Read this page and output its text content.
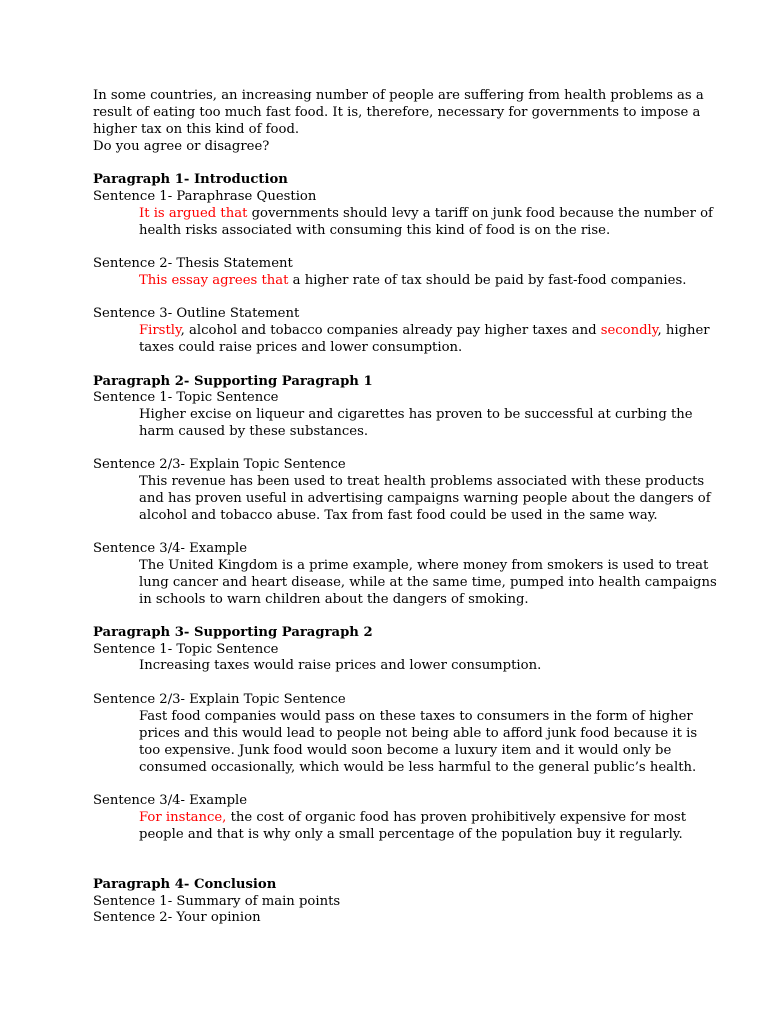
In some countries, an increasing number of people are suffering from health problems as a

result of eating too much fast food. It is, therefore, necessary for governments to impose a

higher tax on this kind of food.

Do you agree or disagree?

Paragraph 1- Introduction

Sentence 1- Paraphrase Question

It is argued that governments should levy a tariff on junk food because the number of

health risks associated with consuming this kind of food is on the rise.

Sentence 2- Thesis Statement

This essay agrees that a higher rate of tax should be paid by fast-food companies.

Sentence 3- Outline Statement

Firstly, alcohol and tobacco companies already pay higher taxes and secondly, higher

taxes could raise prices and lower consumption.

Paragraph 2- Supporting Paragraph 1

Sentence 1- Topic Sentence

Higher excise on liqueur and cigarettes has proven to be successful at curbing the

harm caused by these substances.

Sentence 2/3- Explain Topic Sentence

This revenue has been used to treat health problems associated with these products

and has proven useful in advertising campaigns warning people about the dangers of

alcohol and tobacco abuse. Tax from fast food could be used in the same way.

Sentence 3/4- Example

The United Kingdom is a prime example, where money from smokers is used to treat

lung cancer and heart disease, while at the same time, pumped into health campaigns

in schools to warn children about the dangers of smoking.

Paragraph 3- Supporting Paragraph 2

Sentence 1- Topic Sentence

Increasing taxes would raise prices and lower consumption.

Sentence 2/3- Explain Topic Sentence

Fast food companies would pass on these taxes to consumers in the form of higher

prices and this would lead to people not being able to afford junk food because it is

too expensive. Junk food would soon become a luxury item and it would only be

consumed occasionally, which would be less harmful to the general public’s health.

Sentence 3/4- Example

For instance, the cost of organic food has proven prohibitively expensive for most

people and that is why only a small percentage of the population buy it regularly.

Paragraph 4- Conclusion

Sentence 1- Summary of main points

Sentence 2- Your opinion
